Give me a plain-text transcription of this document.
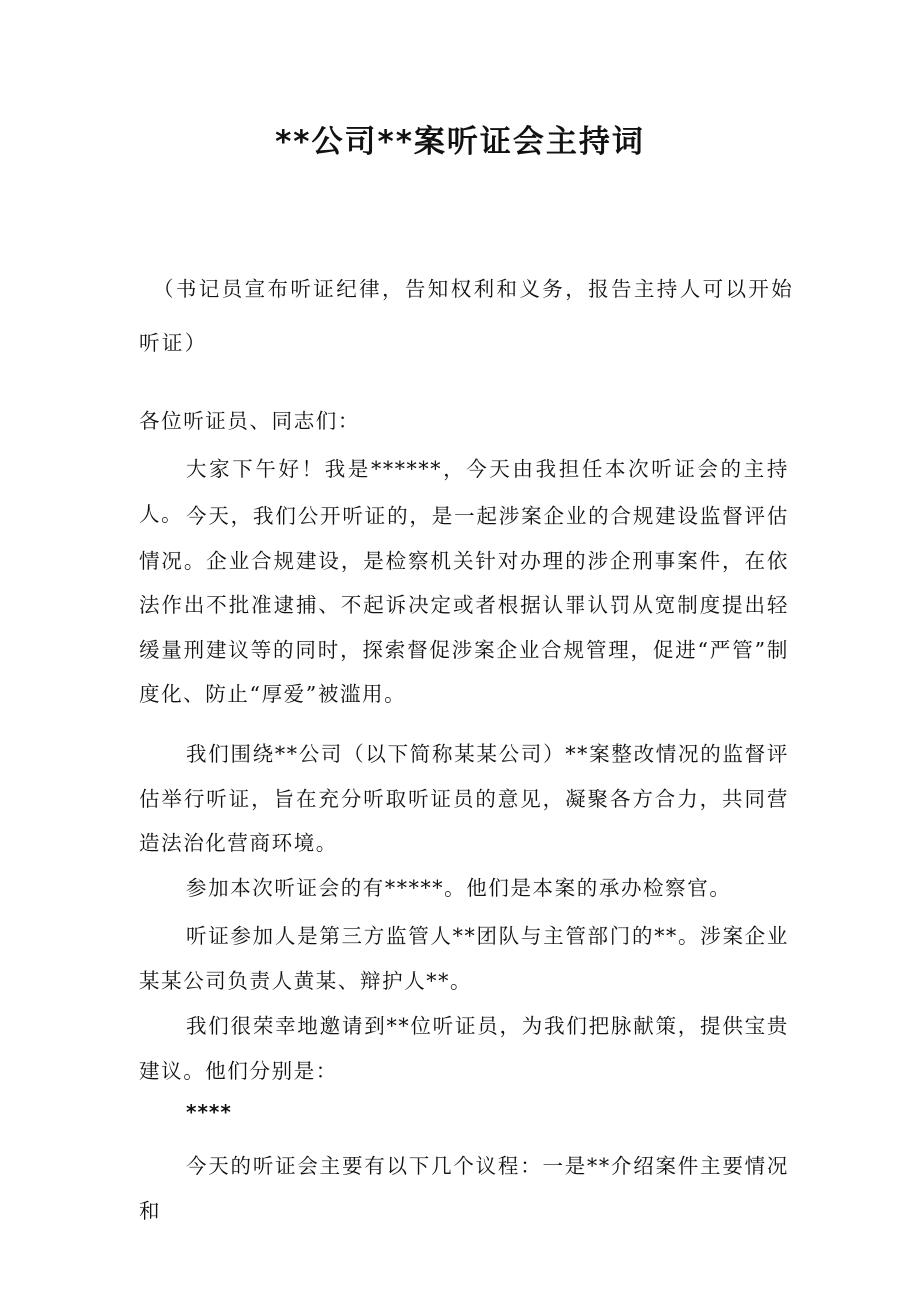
**公司**案听证会主持词

（书记员宣布听证纪律，告知权利和义务，报告主持人可以开始听证）

各位听证员、同志们：

大家下午好！我是******，今天由我担任本次听证会的主持人。 今天，我们公开听证的，是一起涉案企业的合规建设监督评估情况。企业合规建设，是检察机关针对办理的涉企刑事案件，在依法作出不批准逮捕、不起诉决定或者根据认罪认罚从宽制度提出轻缓量刑建议等的同时，探索督促涉案企业合规管理，促进“严管”制度化、防止“厚爱”被滥用。

我们围绕**公司（以下简称某某公司）**案整改情况的监督评估举行听证，旨在充分听取听证员的意见，凝聚各方合力，共同营造法治化营商环境。

参加本次听证会的有*****。他们是本案的承办检察官。

听证参加人是第三方监管人**团队与主管部门的**。涉案企业某某公司负责人黄某、辩护人**。

我们很荣幸地邀请到**位听证员，为我们把脉献策，提供宝贵建议。他们分别是：

****

今天的听证会主要有以下几个议程：一是**介绍案件主要情况和
